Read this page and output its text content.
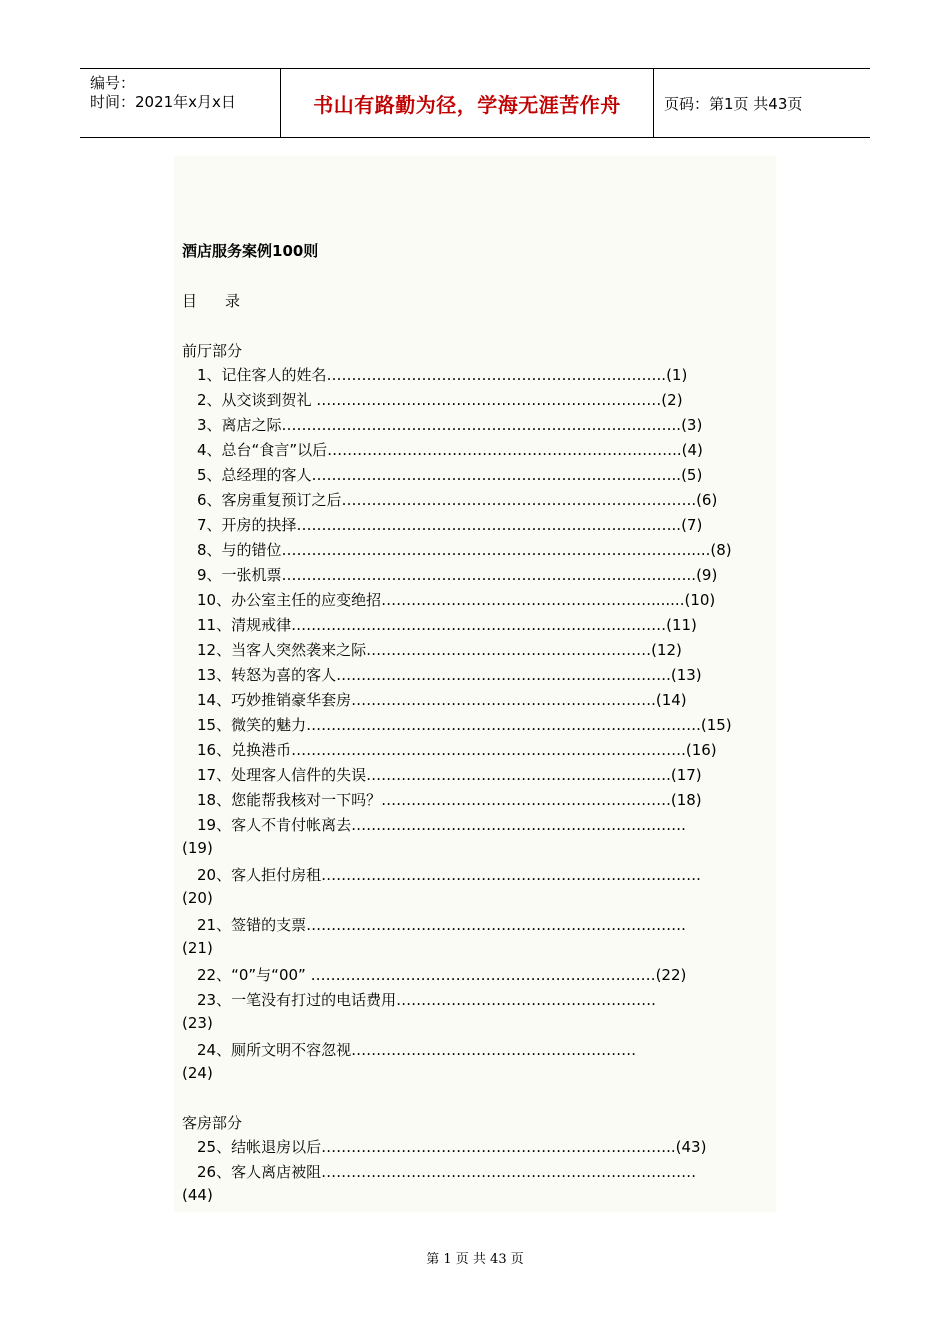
编号：
时间：2021年x月x日	书山有路勤为径，学海无涯苦作舟	页码：第1页 共43页
酒店服务案例100则
目 录
前厅部分
1、记住客人的姓名…………………………………………………………..(1)
2、从交谈到贺礼 ……………………………………………………………(2)
3、离店之际……………………………………………………………………..(3)
4、总台“食言”以后……………………………………………………………..(4)
5、总经理的客人………………………………………………………………..(5)
6、客房重复预订之后……………………………………………………………..(6)
7、开房的抉择…………………………………………………………………..(7)
8、与的错位……………………………………………………………………….....(8)
9、一张机票………………………………………………………………………..(9)
10、办公室主任的应变绝招……………………………………………….......(10)
11、清规戒律…………………………………………………………………(11)
12、当客人突然袭来之际…………………………………………………(12)
13、转怒为喜的客人………………………………………………………….(13)
14、巧妙推销豪华套房…………………………………………………….(14)
15、微笑的魅力…………………………………………………………………….(15)
16、兑换港币…………………………………………………………………….(16)
17、处理客人信件的失误…………………………………………………….(17)
18、您能帮我核对一下吗？………………………………………………….(18)
19、客人不肯付帐离去………………………………………………………….
(19)
20、客人拒付房租………………………………………………………………….
(20)
21、签错的支票………………………………………………………………….
(21)
22、“0”与“00” ……………………………………………………………(22)
23、一笔没有打过的电话费用…………………………………………….
(23)
24、厕所文明不容忽视…………………………………………………
(24)
25、结帐退房以后……………………………………………………………..(43)
26、客人离店被阻…………………………………………………………………
(44)
客房部分
第 1 页 共 43 页
